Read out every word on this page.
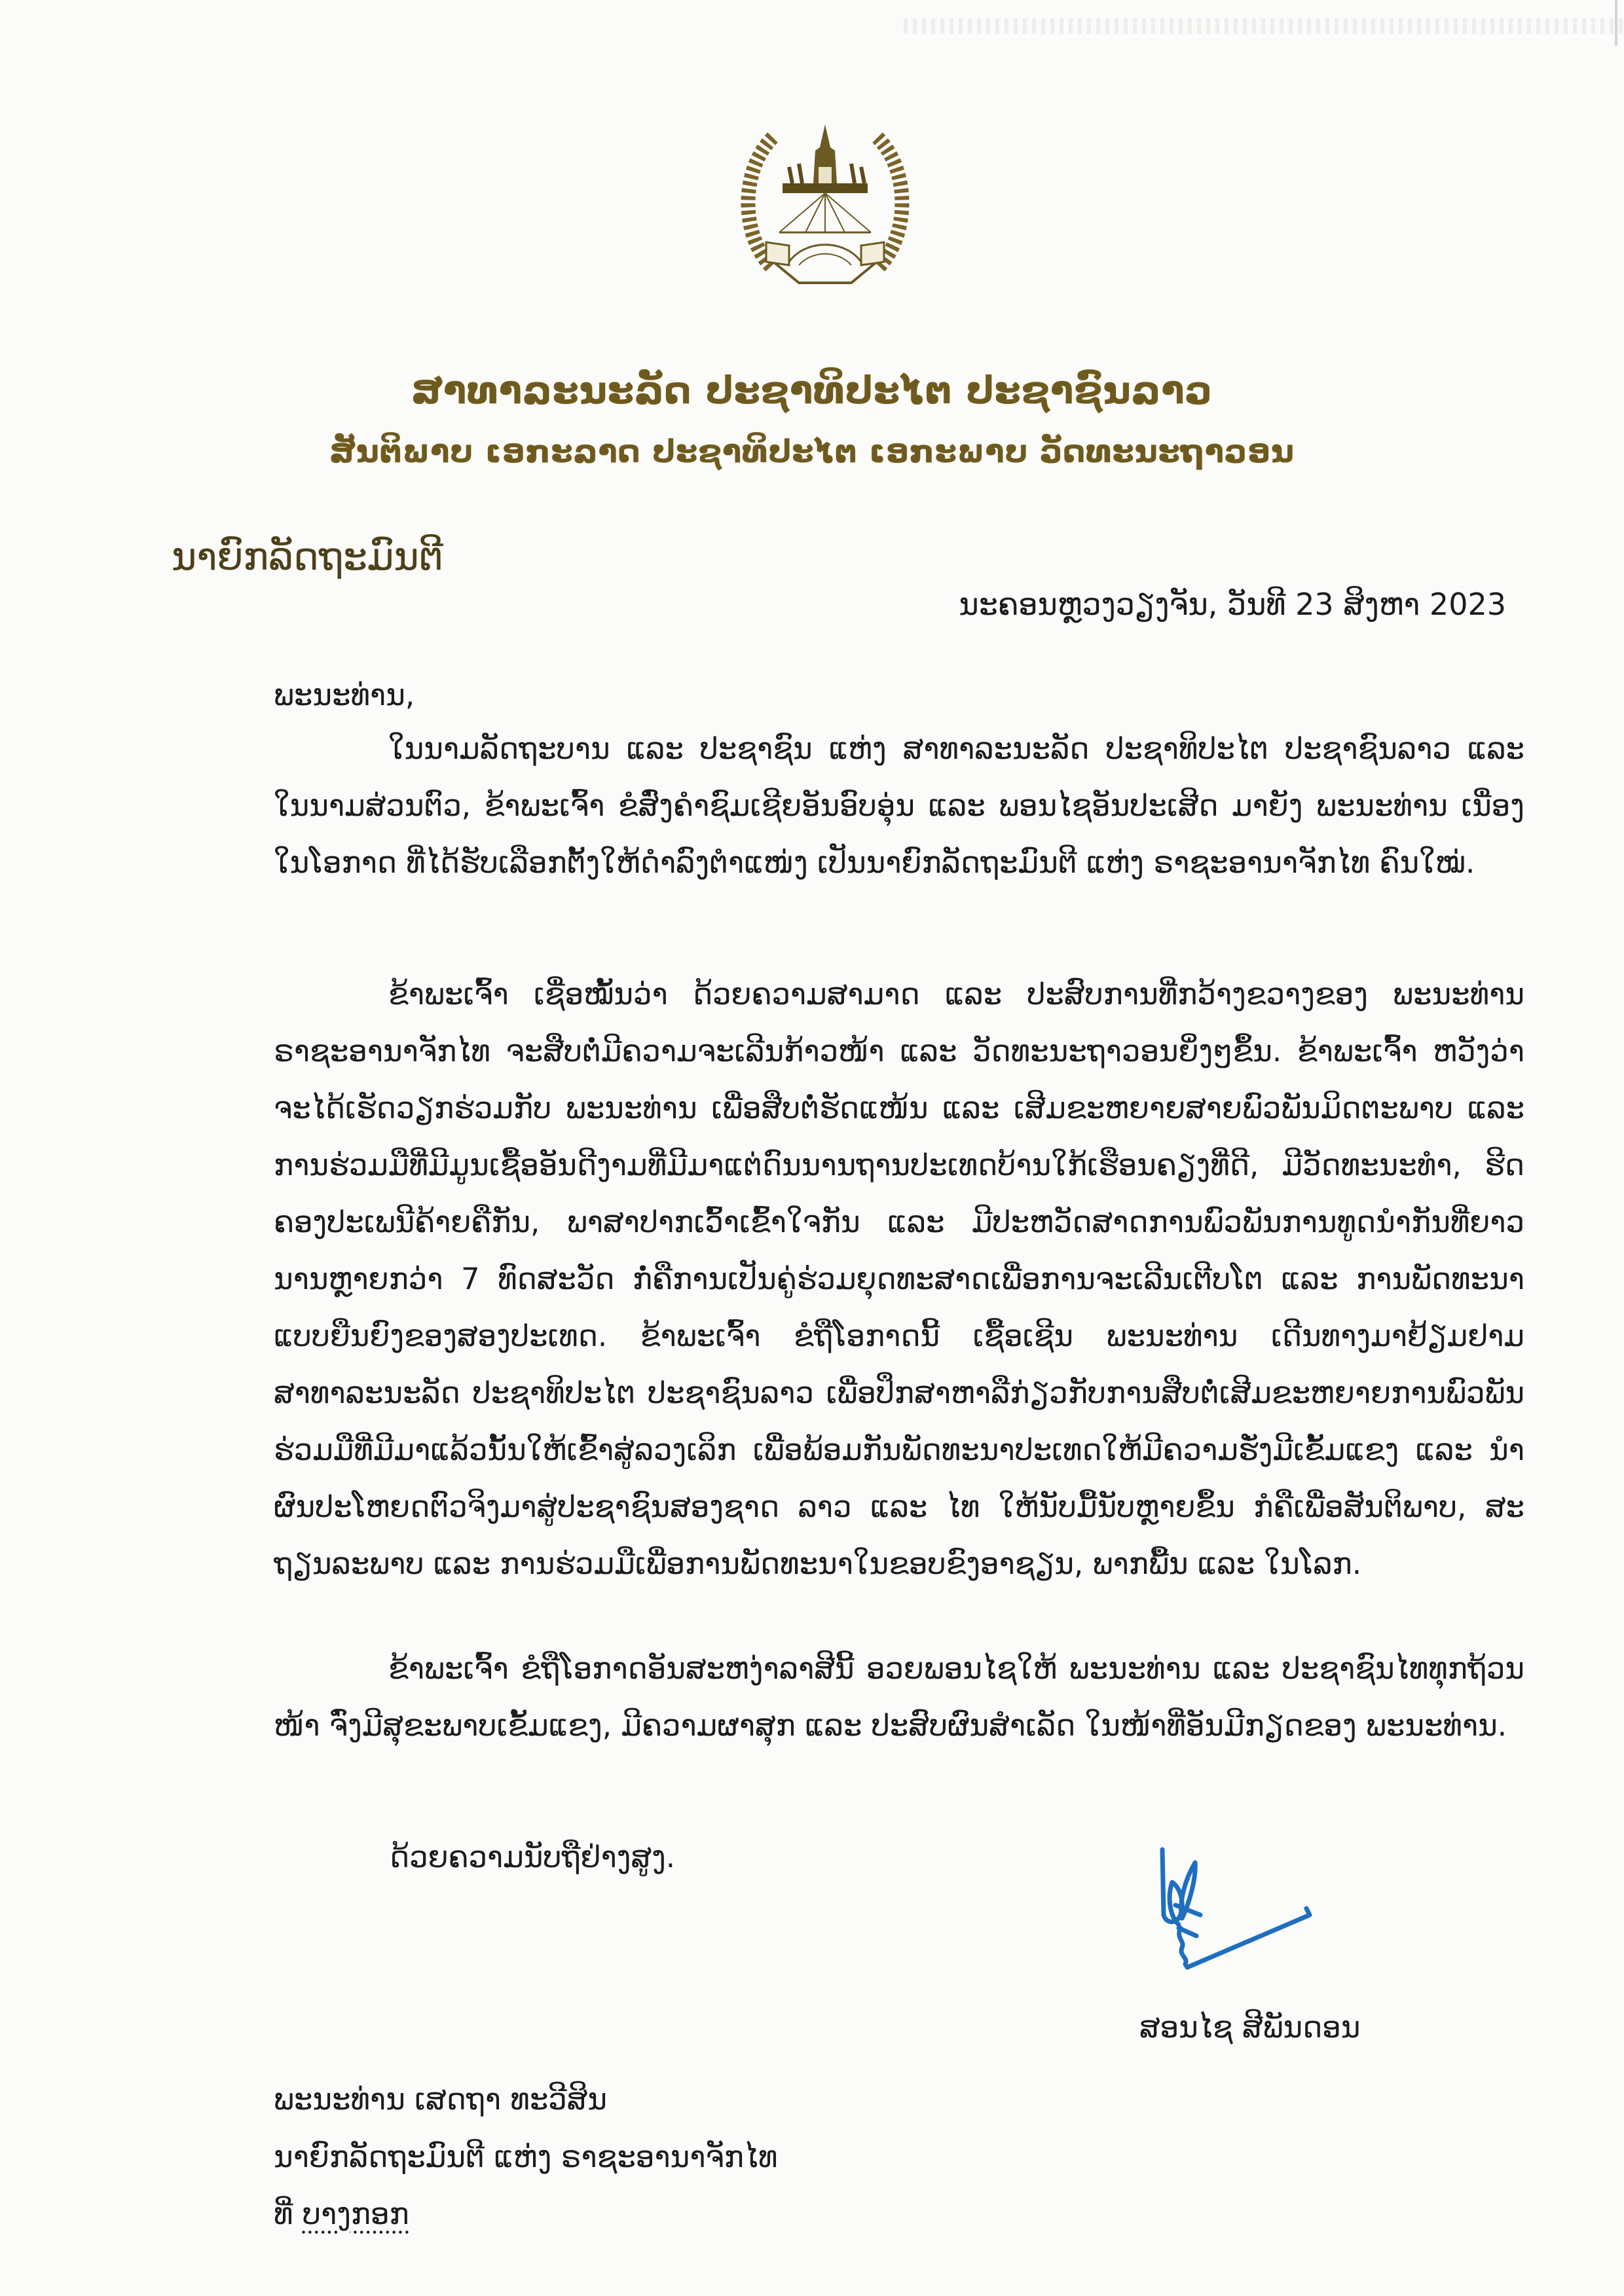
ສາທາລະນະລັດ ປະຊາທິປະໄຕ ປະຊາຊົນລາວ
ສັນຕິພາບ ເອກະລາດ ປະຊາທິປະໄຕ ເອກະພາບ ວັດທະນະຖາວອນ
ນາຍົກລັດຖະມົນຕີ
ນະຄອນຫຼວງວຽງຈັນ, ວັນທີ 23 ສິງຫາ 2023
ພະນະທ່ານ,
ໃນນາມລັດຖະບານ ແລະ ປະຊາຊົນ ແຫ່ງ ສາທາລະນະລັດ ປະຊາທິປະໄຕ ປະຊາຊົນລາວ ແລະ ໃນນາມສ່ວນຕົວ, ຂ້າພະເຈົ້າ ຂໍສົ່ງຄໍາຊົມເຊີຍອັນອົບອຸ່ນ ແລະ ພອນໄຊອັນປະເສີດ ມາຍັງ ພະນະທ່ານ ເນື່ອງໃນໂອກາດ ທີ່ໄດ້ຮັບເລືອກຕັ້ງໃຫ້ດໍາລົງຕໍາແໜ່ງ ເປັນນາຍົກລັດຖະມົນຕີ ແຫ່ງ ຣາຊະອານາຈັກໄທ ຄົນໃໝ່.
ຂ້າພະເຈົ້າ ເຊື່ອໝັ້ນວ່າ ດ້ວຍຄວາມສາມາດ ແລະ ປະສົບການທີ່ກວ້າງຂວາງຂອງ ພະນະທ່ານ ຣາຊະອານາຈັກໄທ ຈະສືບຕໍ່ມີຄວາມຈະເລີນກ້າວໜ້າ ແລະ ວັດທະນະຖາວອນຍິ່ງໆຂຶ້ນ. ຂ້າພະເຈົ້າ ຫວັງວ່າ ຈະໄດ້ເຮັດວຽກຮ່ວມກັບ ພະນະທ່ານ ເພື່ອສືບຕໍ່ຮັດແໜ້ນ ແລະ ເສີມຂະຫຍາຍສາຍພົວພັນມິດຕະພາບ ແລະ ການຮ່ວມມືທີ່ມີມູນເຊື້ອອັນດີງາມທີ່ມີມາແຕ່ດົນນານຖານປະເທດບ້ານໃກ້ເຮືອນຄຽງທີ່ດີ, ມີວັດທະນະທໍາ, ຮີດຄອງປະເພນີຄ້າຍຄືກັນ, ພາສາປາກເວົ້າເຂົ້າໃຈກັນ ແລະ ມີປະຫວັດສາດການພົວພັນການທູດນໍາກັນທີ່ຍາວນານຫຼາຍກວ່າ 7 ທົດສະວັດ ກໍ່ຄືການເປັນຄູ່ຮ່ວມຍຸດທະສາດເພື່ອການຈະເລີນເຕີບໂຕ ແລະ ການພັດທະນາແບບຍືນຍົງຂອງສອງປະເທດ. ຂ້າພະເຈົ້າ ຂໍຖືໂອກາດນີ້ ເຊື້ອເຊີນ ພະນະທ່ານ ເດີນທາງມາຢ້ຽມຢາມ ສາທາລະນະລັດ ປະຊາທິປະໄຕ ປະຊາຊົນລາວ ເພື່ອປຶກສາຫາລືກ່ຽວກັບການສືບຕໍ່ເສີມຂະຫຍາຍການພົວພັນຮ່ວມມືທີ່ມີມາແລ້ວນັ້ນໃຫ້ເຂົ້າສູ່ລວງເລິກ ເພື່ອພ້ອມກັນພັດທະນາປະເທດໃຫ້ມີຄວາມຮັ່ງມີເຂັ້ມແຂງ ແລະ ນໍາຜົນປະໂຫຍດຕົວຈິງມາສູ່ປະຊາຊົນສອງຊາດ ລາວ ແລະ ໄທ ໃຫ້ນັບມື້ນັບຫຼາຍຂຶ້ນ ກໍຄືເພື່ອສັນຕິພາບ, ສະຖຽນລະພາບ ແລະ ການຮ່ວມມືເພື່ອການພັດທະນາໃນຂອບຂົງອາຊຽນ, ພາກພື້ນ ແລະ ໃນໂລກ.
ຂ້າພະເຈົ້າ ຂໍຖືໂອກາດອັນສະຫງ່າລາສີນີ້ ອວຍພອນໄຊໃຫ້ ພະນະທ່ານ ແລະ ປະຊາຊົນໄທທຸກຖ້ວນໜ້າ ຈົ່ງມີສຸຂະພາບເຂັ້ມແຂງ, ມີຄວາມຜາສຸກ ແລະ ປະສົບຜົນສໍາເລັດ ໃນໜ້າທີ່ອັນມີກຽດຂອງ ພະນະທ່ານ.
ດ້ວຍຄວາມນັບຖືຢ່າງສູງ.
ສອນໄຊ ສີພັນດອນ
ພະນະທ່ານ ເສດຖາ ທະວີສິນ
ນາຍົກລັດຖະມົນຕີ ແຫ່ງ ຣາຊະອານາຈັກໄທ
ທີ່ ບາງກອກ
